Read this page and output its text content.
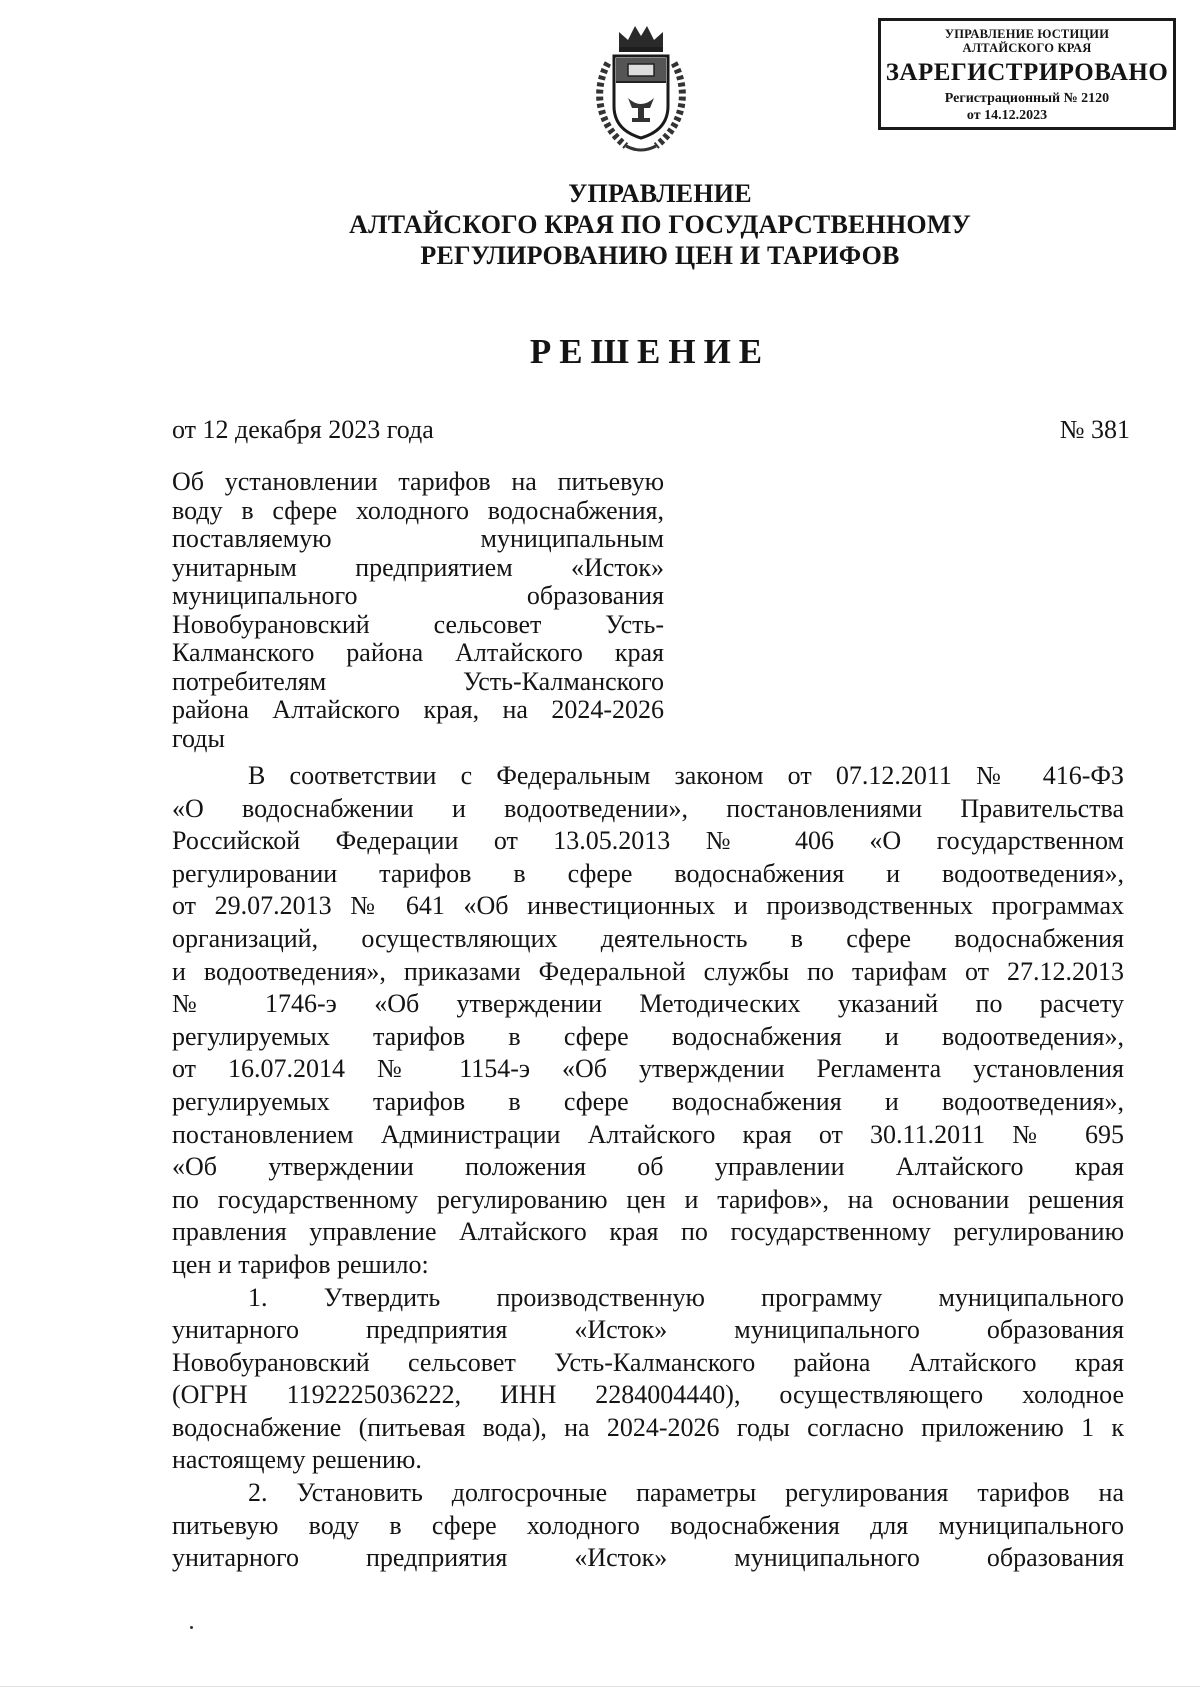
УПРАВЛЕНИЕ ЮСТИЦИИ
АЛТАЙСКОГО КРАЯ
ЗАРЕГИСТРИРОВАНО
Регистрационный № 2120
от 14.12.2023
УПРАВЛЕНИЕ
АЛТАЙСКОГО КРАЯ ПО ГОСУДАРСТВЕННОМУ
РЕГУЛИРОВАНИЮ ЦЕН И ТАРИФОВ
РЕШЕНИЕ
от 12 декабря 2023 года	№ 381
Об установлении тарифов на питьевую
воду в сфере холодного водоснабжения,
поставляемую муниципальным
унитарным предприятием «Исток»
муниципального образования
Новобурановский сельсовет Усть-
Калманского района Алтайского края
потребителям Усть-Калманского
района Алтайского края, на 2024-2026
годы
В соответствии с Федеральным законом от 07.12.2011 № 416-ФЗ
«О водоснабжении и водоотведении», постановлениями Правительства
Российской Федерации от 13.05.2013 № 406 «О государственном
регулировании тарифов в сфере водоснабжения и водоотведения»,
от 29.07.2013 № 641 «Об инвестиционных и производственных программах
организаций, осуществляющих деятельность в сфере водоснабжения
и водоотведения», приказами Федеральной службы по тарифам от 27.12.2013
№ 1746-э «Об утверждении Методических указаний по расчету
регулируемых тарифов в сфере водоснабжения и водоотведения»,
от 16.07.2014 № 1154-э «Об утверждении Регламента установления
регулируемых тарифов в сфере водоснабжения и водоотведения»,
постановлением Администрации Алтайского края от 30.11.2011 № 695
«Об утверждении положения об управлении Алтайского края
по государственному регулированию цен и тарифов», на основании решения
правления управление Алтайского края по государственному регулированию
цен и тарифов решило:
1. Утвердить производственную программу муниципального
унитарного предприятия «Исток» муниципального образования
Новобурановский сельсовет Усть-Калманского района Алтайского края
(ОГРН 1192225036222, ИНН 2284004440), осуществляющего холодное
водоснабжение (питьевая вода), на 2024-2026 годы согласно приложению 1 к
настоящему решению.
2. Установить долгосрочные параметры регулирования тарифов на
питьевую воду в сфере холодного водоснабжения для муниципального
унитарного предприятия «Исток» муниципального образования
